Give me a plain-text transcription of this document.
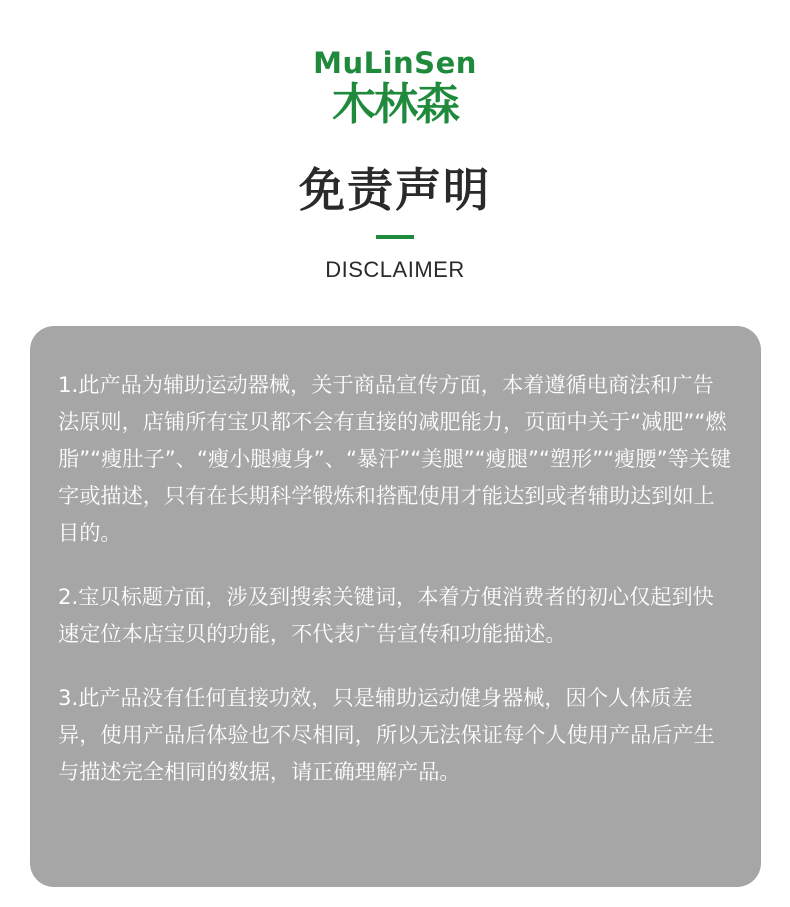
MuLinSen
木林森
免责声明
DISCLAIMER

1.此产品为辅助运动器械，关于商品宣传方面，本着遵循电商法和广告法原则，店铺所有宝贝都不会有直接的减肥能力，页面中关于“减肥”“燃脂”“瘦肚子”、“瘦小腿瘦身”、“暴汗”“美腿”“瘦腿”“塑形”“瘦腰”等关键字或描述，只有在长期科学锻炼和搭配使用才能达到或者辅助达到如上目的。

2.宝贝标题方面，涉及到搜索关键词，本着方便消费者的初心仅起到快速定位本店宝贝的功能，不代表广告宣传和功能描述。

3.此产品没有任何直接功效，只是辅助运动健身器械，因个人体质差异，使用产品后体验也不尽相同，所以无法保证每个人使用产品后产生与描述完全相同的数据，请正确理解产品。
